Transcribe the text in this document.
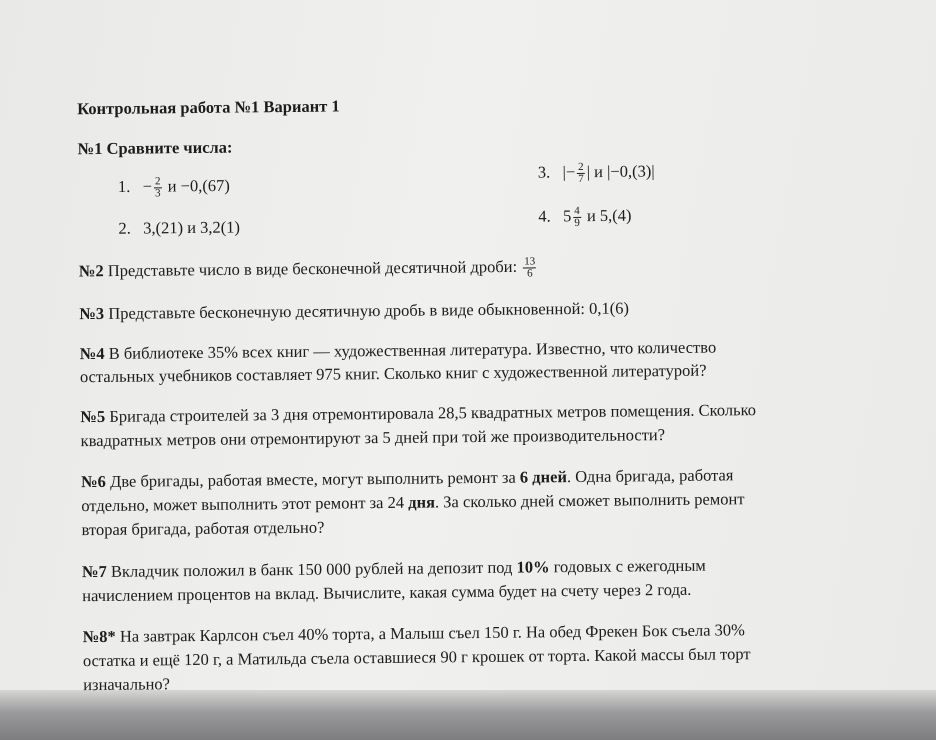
Контрольная работа №1 Вариант 1
№1 Сравните числа:
1. − $\frac{2}{3}$ и −0,(67)
3. |− $\frac{2}{7}$ | и |−0,(3)|
2. 3,(21) и 3,2(1)
4. $5 \frac{4}{9}$ и 5,(4)
№2 Представьте число в виде бесконечной десятичной дроби: $\frac{13}{6}$
№3 Представьте бесконечную десятичную дробь в виде обыкновенной: 0,1(6)
№4 В библиотеке 35% всех книг — художественная литература. Известно, что количество
остальных учебников составляет 975 книг. Сколько книг с художественной литературой?
№5 Бригада строителей за 3 дня отремонтировала 28,5 квадратных метров помещения. Сколько
квадратных метров они отремонтируют за 5 дней при той же производительности?
№6 Две бригады, работая вместе, могут выполнить ремонт за 6 дней. Одна бригада, работая
отдельно, может выполнить этот ремонт за 24 дня. За сколько дней сможет выполнить ремонт
вторая бригада, работая отдельно?
№7 Вкладчик положил в банк 150 000 рублей на депозит под 10% годовых с ежегодным
начислением процентов на вклад. Вычислите, какая сумма будет на счету через 2 года.
№8* На завтрак Карлсон съел 40% торта, а Малыш съел 150 г. На обед Фрекен Бок съела 30%
остатка и ещё 120 г, а Матильда съела оставшиеся 90 г крошек от торта. Какой массы был торт
изначально?
